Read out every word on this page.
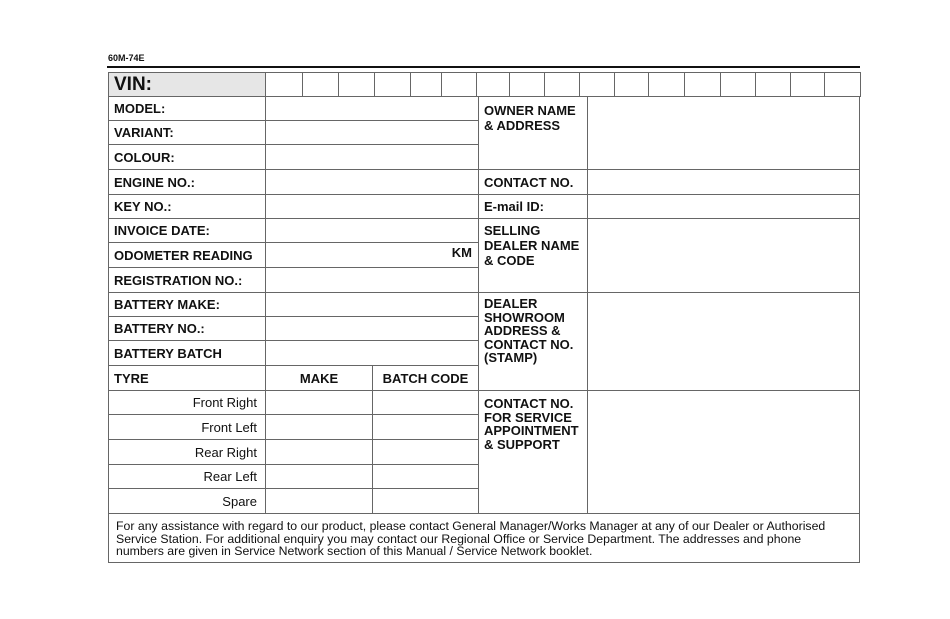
60M-74E
VIN:
MODEL:
VARIANT:
COLOUR:
ENGINE NO.:
KEY NO.:
INVOICE DATE:
ODOMETER READING
REGISTRATION NO.:
BATTERY MAKE:
BATTERY NO.:
BATTERY BATCH
TYRE
KM
MAKE	BATCH CODE
Front Right
Front Left
Rear Right
Rear Left
Spare
OWNER NAME & ADDRESS
CONTACT NO.
E-mail ID:
SELLING DEALER NAME & CODE
DEALER SHOWROOM ADDRESS & CONTACT NO. (STAMP)
CONTACT NO. FOR SERVICE APPOINTMENT & SUPPORT
For any assistance with regard to our product, please contact General Manager/Works Manager at any of our Dealer or Authorised Service Station. For additional enquiry you may contact our Regional Office or Service Department. The addresses and phone numbers are given in Service Network section of this Manual / Service Network booklet.
